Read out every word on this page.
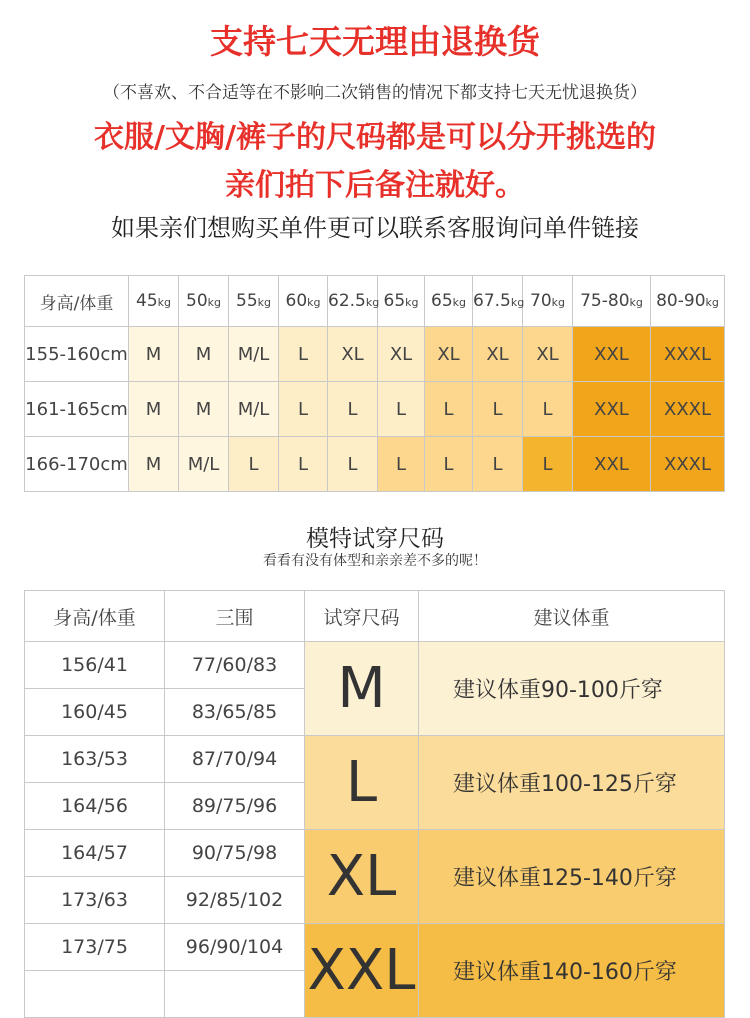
支持七天无理由退换货
（不喜欢、不合适等在不影响二次销售的情况下都支持七天无忧退换货）
衣服/文胸/裤子的尺码都是可以分开挑选的
亲们拍下后备注就好。
如果亲们想购买单件更可以联系客服询问单件链接
身高/体重	45kg	50kg	55kg	60kg	62.5kg	65kg	65kg	67.5kg	70kg	75-80kg	80-90kg
155-160cm	M	M	M/L	L	XL	XL	XL	XL	XL	XXL	XXXL
161-165cm	M	M	M/L	L	L	L	L	L	L	XXL	XXXL
166-170cm	M	M/L	L	L	L	L	L	L	L	XXL	XXXL
模特试穿尺码
看看有没有体型和亲亲差不多的呢！
身高/体重	三围	试穿尺码	建议体重
156/41	77/60/83	M	建议体重90-100斤穿
160/45	83/65/85		
163/53	87/70/94	L	建议体重100-125斤穿
164/56	89/75/96		
164/57	90/75/98	XL	建议体重125-140斤穿
173/63	92/85/102		
173/75	96/90/104	XXL	建议体重140-160斤穿
